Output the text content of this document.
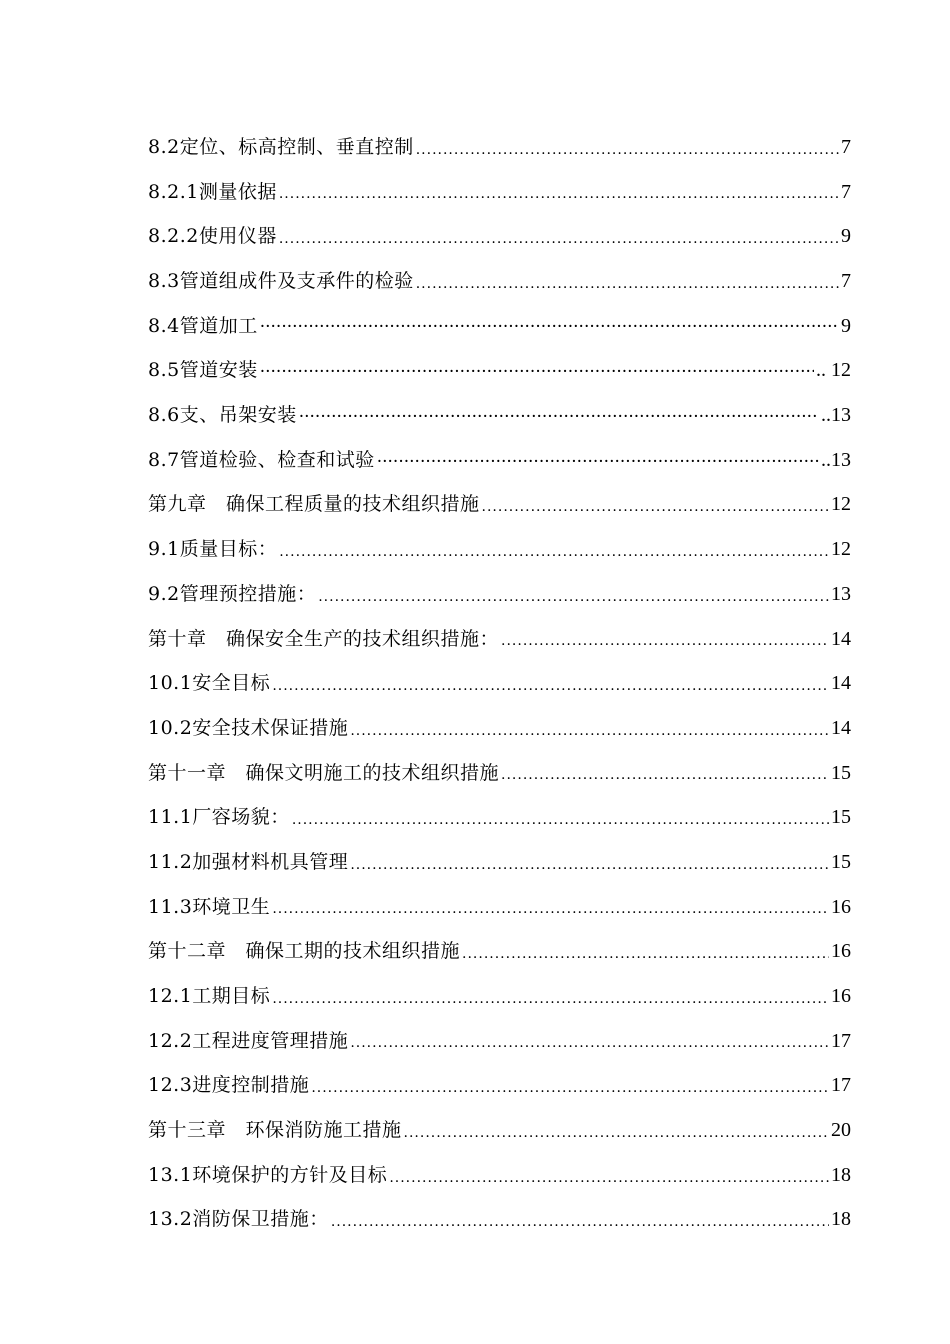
8.2定位、标高控制、垂直控制 .....	7
8.2.1测量依据 .....	7
8.2.2使用仪器 .....	9
8.3管道组成件及支承件的检验 .....	7
8.4管道加工 ·····	9
8.5管道安装 ·····	.. 12
8.6支、吊架安装 ·····	..13
8.7管道检验、检查和试验 ·····	..13
第九章　确保工程质量的技术组织措施 .....	12
9.1质量目标： .....	12
9.2管理预控措施： .....	13
第十章　确保安全生产的技术组织措施： .....	14
10.1安全目标 .....	14
10.2安全技术保证措施 .....	14
第十一章　确保文明施工的技术组织措施 .....	15
11.1厂容场貌： .....	15
11.2加强材料机具管理 .....	15
11.3环境卫生 .....	16
第十二章　确保工期的技术组织措施 .....	16
12.1工期目标 .....	16
12.2工程进度管理措施 .....	17
12.3进度控制措施 .....	17
第十三章　环保消防施工措施 .....	20
13.1环境保护的方针及目标 .....	18
13.2消防保卫措施： .....	18
